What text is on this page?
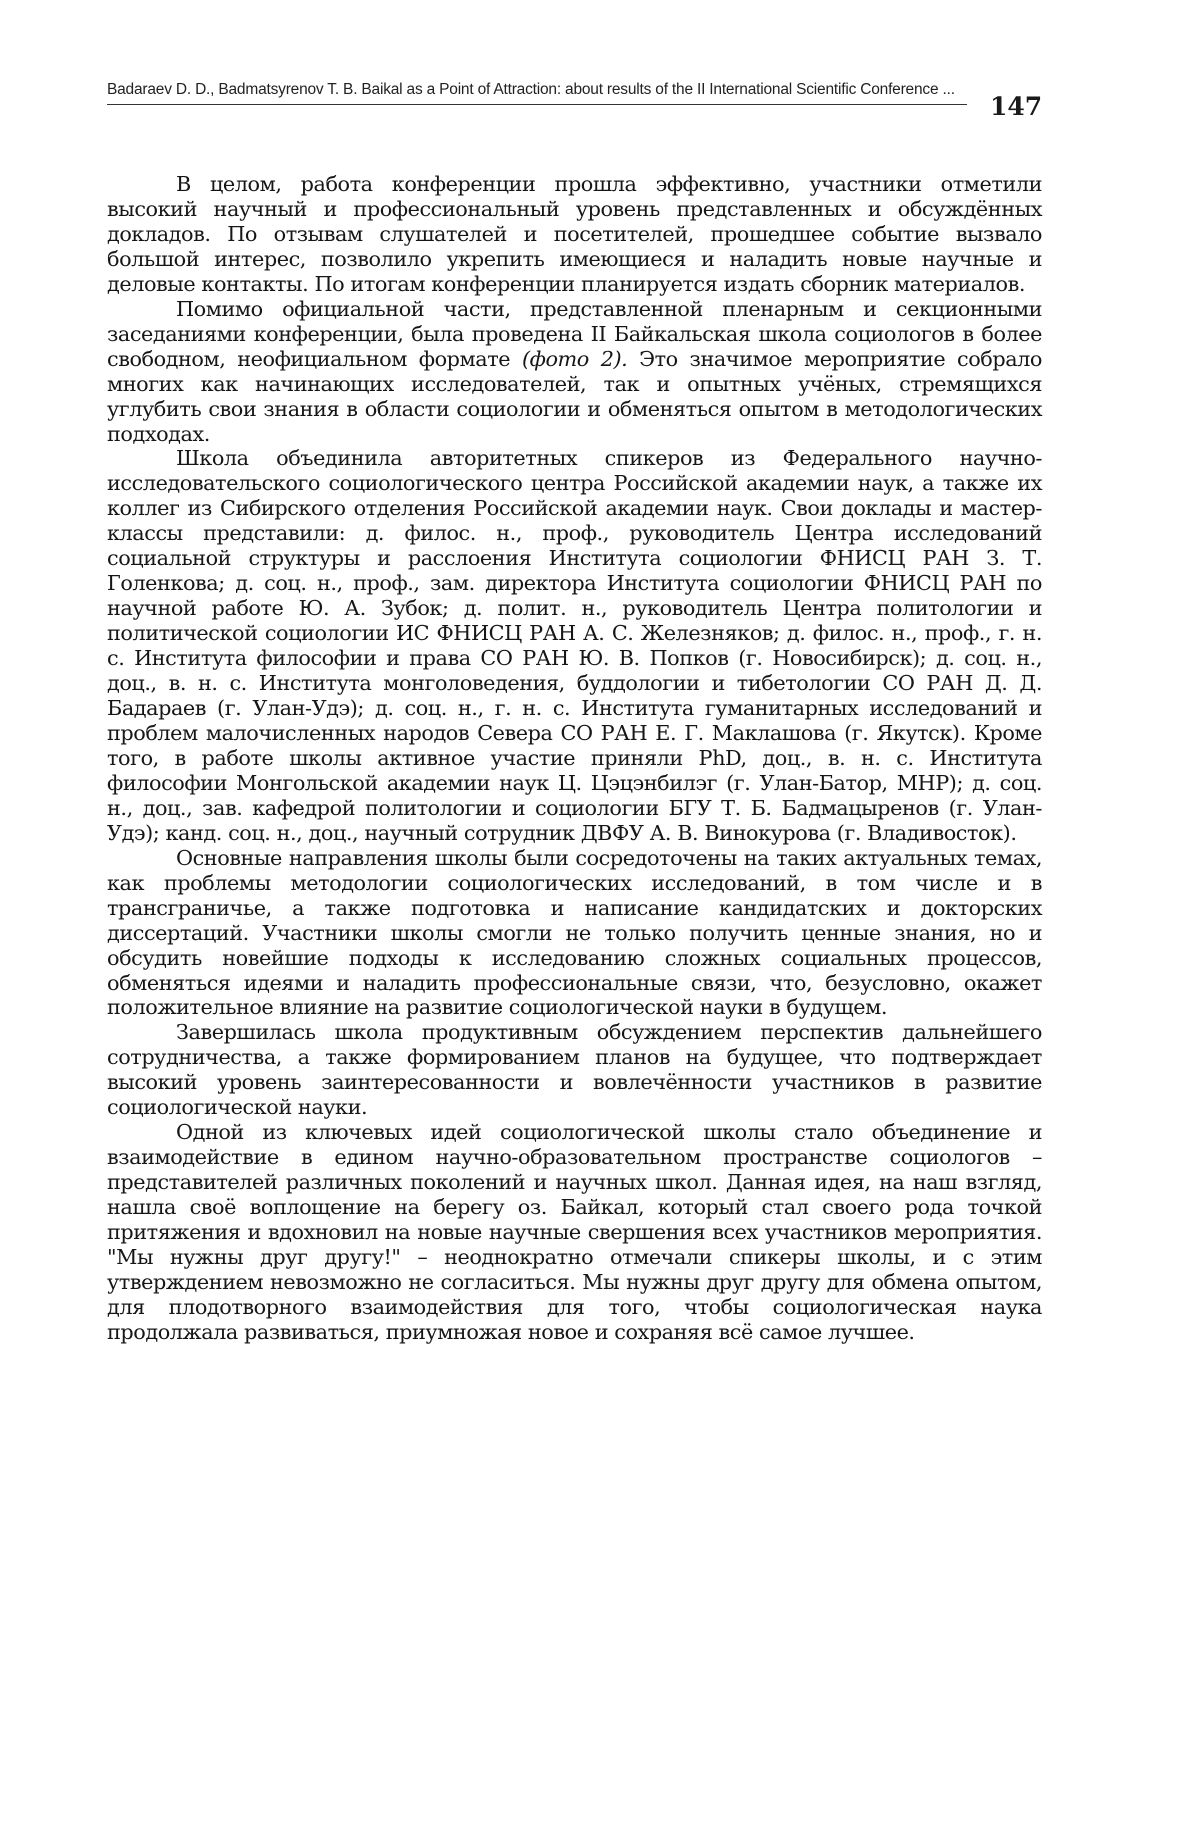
Badaraev D. D., Badmatsyrenov T. B. Baikal as a Point of Attraction: about results of the II International Scientific Conference ...
147

В целом, работа конференции прошла эффективно, участники отметили высокий научный и профессиональный уровень представленных и обсуждённых докладов. По отзывам слушателей и посетителей, прошедшее событие вызвало большой интерес, позволило укрепить имеющиеся и наладить новые научные и деловые контакты. По итогам конференции планируется издать сборник материалов.

Помимо официальной части, представленной пленарным и секционными заседаниями конференции, была проведена II Байкальская школа социологов в более свободном, неофициальном формате (фото 2). Это значимое мероприятие собрало многих как начинающих исследователей, так и опытных учёных, стремящихся углубить свои знания в области социологии и обменяться опытом в методологических подходах.

Школа объединила авторитетных спикеров из Федерального научно-исследовательского социологического центра Российской академии наук, а также их коллег из Сибирского отделения Российской академии наук. Свои доклады и мастер-классы представили: д. филос. н., проф., руководитель Центра исследований социальной структуры и расслоения Института социологии ФНИСЦ РАН З. Т. Голенкова; д. соц. н., проф., зам. директора Института социологии ФНИСЦ РАН по научной работе Ю. А. Зубок; д. полит. н., руководитель Центра политологии и политической социологии ИС ФНИСЦ РАН А. С. Железняков; д. филос. н., проф., г. н. с. Института философии и права СО РАН Ю. В. Попков (г. Новосибирск); д. соц. н., доц., в. н. с. Института монголоведения, буддологии и тибетологии СО РАН Д. Д. Бадараев (г. Улан-Удэ); д. соц. н., г. н. с. Института гуманитарных исследований и проблем малочисленных народов Севера СО РАН Е. Г. Маклашова (г. Якутск). Кроме того, в работе школы активное участие приняли PhD, доц., в. н. с. Института философии Монгольской академии наук Ц. Цэцэнбилэг (г. Улан-Батор, МНР); д. соц. н., доц., зав. кафедрой политологии и социологии БГУ Т. Б. Бадмацыренов (г. Улан-Удэ); канд. соц. н., доц., научный сотрудник ДВФУ А. В. Винокурова (г. Владивосток).

Основные направления школы были сосредоточены на таких актуальных темах, как проблемы методологии социологических исследований, в том числе и в трансграничье, а также подготовка и написание кандидатских и докторских диссертаций. Участники школы смогли не только получить ценные знания, но и обсудить новейшие подходы к исследованию сложных социальных процессов, обменяться идеями и наладить профессиональные связи, что, безусловно, окажет положительное влияние на развитие социологической науки в будущем.

Завершилась школа продуктивным обсуждением перспектив дальнейшего сотрудничества, а также формированием планов на будущее, что подтверждает высокий уровень заинтересованности и вовлечённости участников в развитие социологической науки.

Одной из ключевых идей социологической школы стало объединение и взаимодействие в едином научно-образовательном пространстве социологов – представителей различных поколений и научных школ. Данная идея, на наш взгляд, нашла своё воплощение на берегу оз. Байкал, который стал своего рода точкой притяжения и вдохновил на новые научные свершения всех участников мероприятия. "Мы нужны друг другу!" – неоднократно отмечали спикеры школы, и с этим утверждением невозможно не согласиться. Мы нужны друг другу для обмена опытом, для плодотворного взаимодействия для того, чтобы социологическая наука продолжала развиваться, приумножая новое и сохраняя всё самое лучшее.
